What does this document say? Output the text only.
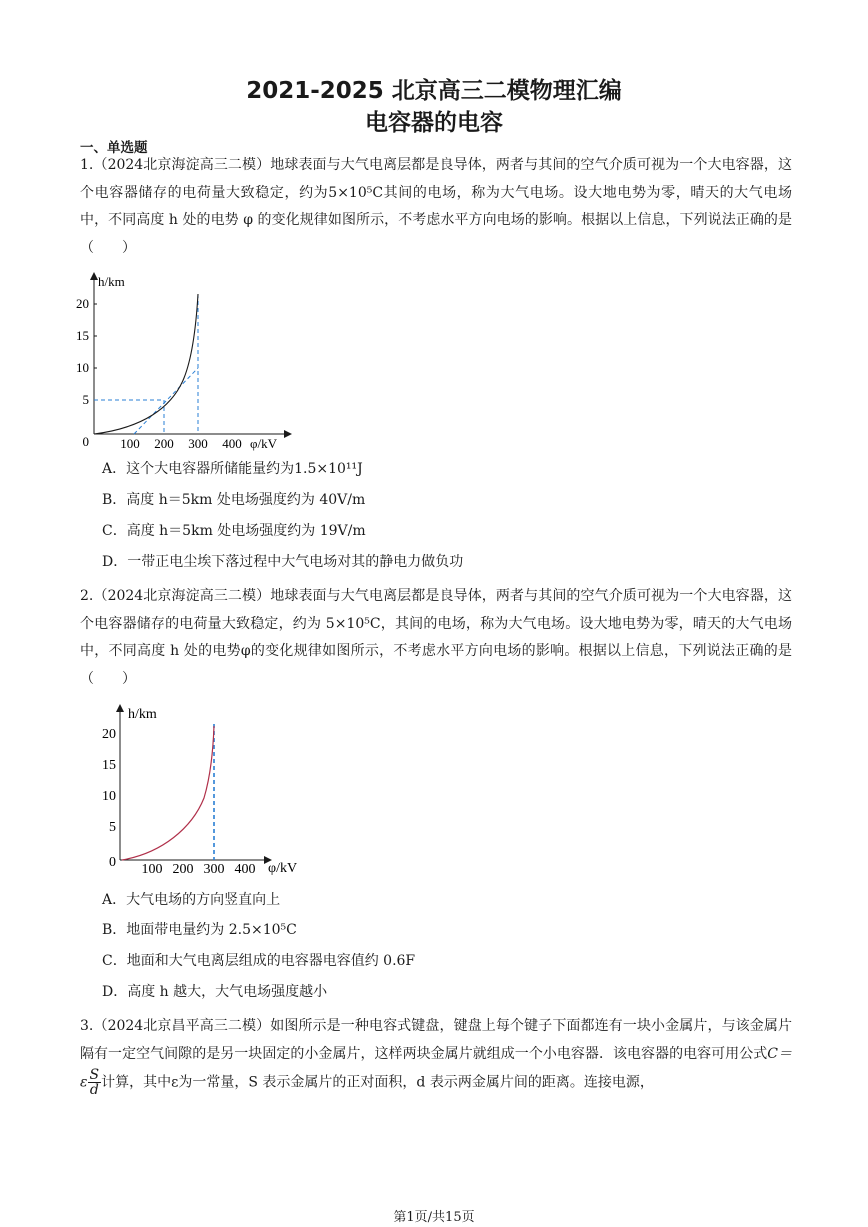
2021-2025 北京高三二模物理汇编
电容器的电容
一、单选题
1.（2024北京海淀高三二模）地球表面与大气电离层都是良导体，两者与其间的空气介质可视为一个大电容器，这个电容器储存的电荷量大致稳定，约为5×10⁵C其间的电场，称为大气电场。设大地电势为零，晴天的大气电场中，不同高度 h 处的电势 φ 的变化规律如图所示，不考虑水平方向电场的影响。根据以上信息，下列说法正确的是（　　）
h/km
φ/kV
20
15
10
5
0 100 200 300 400
A．这个大电容器所储能量约为1.5×10¹¹J
B．高度 h＝5km 处电场强度约为 40V/m
C．高度 h＝5km 处电场强度约为 19V/m
D．一带正电尘埃下落过程中大气电场对其的静电力做负功
2.（2024北京海淀高三二模）地球表面与大气电离层都是良导体，两者与其间的空气介质可视为一个大电容器，这个电容器储存的电荷量大致稳定，约为 5×10⁵C，其间的电场，称为大气电场。设大地电势为零，晴天的大气电场中，不同高度 h 处的电势φ的变化规律如图所示，不考虑水平方向电场的影响。根据以上信息，下列说法正确的是（　　）
h/km
φ/kV
20
15
10
5
0 100 200 300 400
A．大气电场的方向竖直向上
B．地面带电量约为 2.5×10⁵C
C．地面和大气电离层组成的电容器电容值约 0.6F
D．高度 h 越大，大气电场强度越小
3.（2024北京昌平高三二模）如图所示是一种电容式键盘，键盘上每个键子下面都连有一块小金属片，与该金属片隔有一定空气间隙的是另一块固定的小金属片，这样两块金属片就组成一个小电容器．该电容器的电容可用公式$C=\varepsilon \frac{S}{d}$ 计算，其中ε为一常量，S 表示金属片的正对面积，d 表示两金属片间的距离。连接电源，
第1页/共15页
